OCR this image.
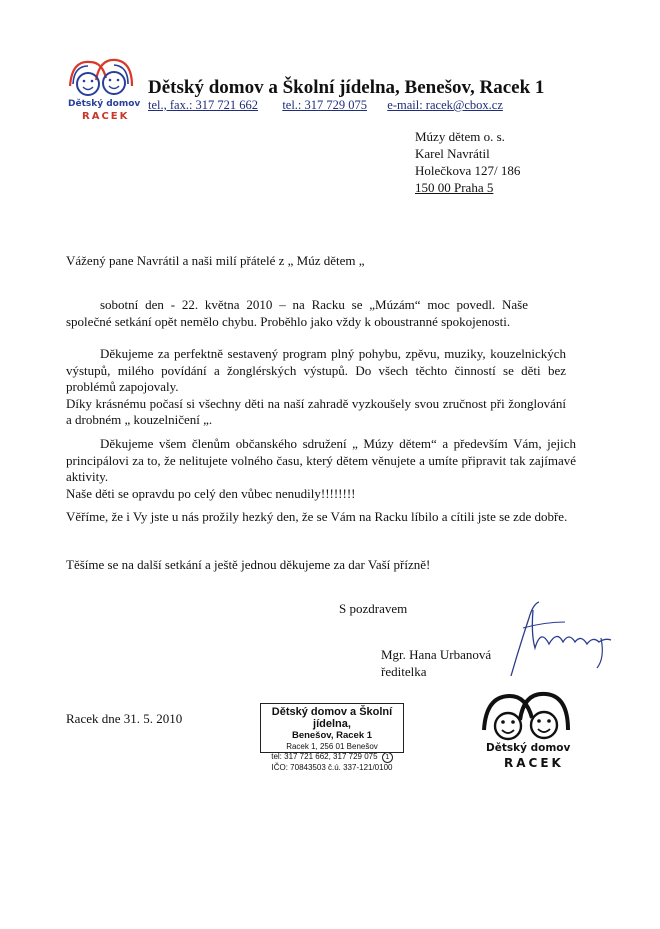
Dětský domov
RACEK
Dětský domov a Školní jídelna, Benešov, Racek 1
tel., fax.: 317 721 662 tel.: 317 729 075 e-mail: racek@cbox.cz
Múzy dětem o. s.
Karel Navrátil
Holečkova 127/ 186
150 00 Praha 5
Vážený pane Navrátil a naši milí přátelé z „ Múz dětem „
sobotní den - 22. května 2010 – na Racku se „Múzám“ moc povedl. Naše společné setkání opět nemělo chybu. Proběhlo jako vždy k oboustranné spokojenosti.
Děkujeme za perfektně sestavený program plný pohybu, zpěvu, muziky, kouzelnických výstupů, milého povídání a žonglérských výstupů. Do všech těchto činností se děti bez problémů zapojovaly.
Díky krásnému počasí si všechny děti na naší zahradě vyzkoušely svou zručnost při žonglování a drobném „ kouzelničení „.
Děkujeme všem členům občanského sdružení „ Múzy dětem“ a především Vám, jejich principálovi za to, že nelitujete volného času, který dětem věnujete a umíte připravit tak zajímavé aktivity.
Naše děti se opravdu po celý den vůbec nenudily!!!!!!!!
Věříme, že i Vy jste u nás prožily hezký den, že se Vám na Racku líbilo a cítili jste se zde dobře.
Těšíme se na další setkání a ještě jednou děkujeme za dar Vaší přízně!
S pozdravem
Mgr. Hana Urbanová
ředitelka
Racek dne 31. 5. 2010	Dětský domov a Školní jídelna,
Benešov, Racek 1
Racek 1, 256 01 Benešov
tel: 317 721 662, 317 729 075 1
IČO: 70843503 č.ú. 337-121/0100
Dětský domov
RACEK
